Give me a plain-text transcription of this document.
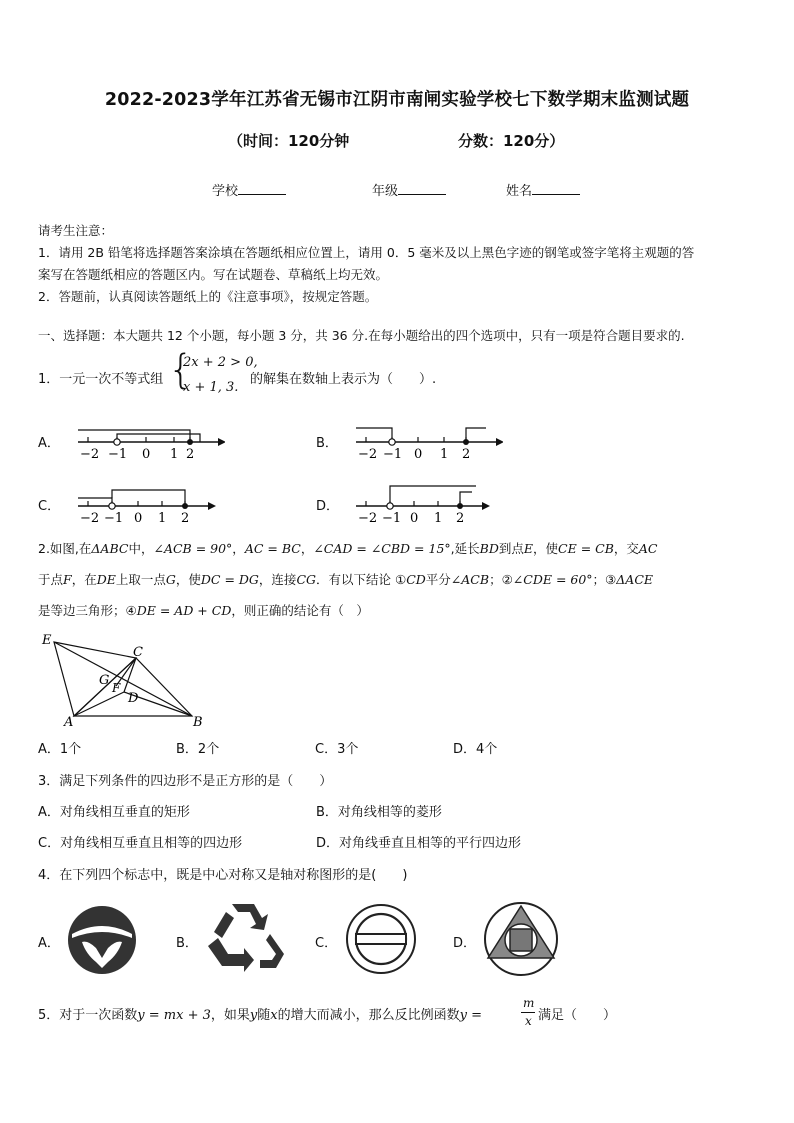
2022-2023学年江苏省无锡市江阴市南闸实验学校七下数学期末监测试题
（时间：120分钟	分数：120分）
学校	年级	姓名
请考生注意：
1．请用 2B 铅笔将选择题答案涂填在答题纸相应位置上，请用 0．5 毫米及以上黑色字迹的钢笔或签字笔将主观题的答
案写在答题纸相应的答题区内。写在试题卷、草稿纸上均无效。
2．答题前，认真阅读答题纸上的《注意事项》，按规定答题。
一、选择题：本大题共 12 个小题，每小题 3 分，共 36 分.在每小题给出的四个选项中，只有一项是符合题目要求的.
1．一元一次不等式组 {
2x + 2 > 0,
x + 1, 3.
的解集在数轴上表示为（　　）.
A．	B．
C．	D．
−2 −1 0 1 2	−2 −1 0 1 2
−2 −1 0 1 2	−2 −1 0 1 2
2.如图,在ΔABC中，∠ACB = 90°，AC = BC，∠CAD = ∠CBD = 15°,延长BD到点E，使CE = CB，交AC
于点F，在DE上取一点G，使DC = DG，连接CG．有以下结论 ①CD平分∠ACB；②∠CDE = 60°；③ΔACE
是等边三角形；④DE = AD + CD，则正确的结论有（　）
E
C
G F
D
A	B
A．1个	B．2个	C．3个	D．4个
3．满足下列条件的四边形不是正方形的是（　　）
A．对角线相互垂直的矩形	B．对角线相等的菱形
C．对角线相互垂直且相等的四边形	D．对角线垂直且相等的平行四边形
4．在下列四个标志中，既是中心对称又是轴对称图形的是(　　)
A．	B．	C．	D．
5．对于一次函数y = mx + 3，如果y随x的增大而减小，那么反比例函数y =
m
x 满足（　　）
